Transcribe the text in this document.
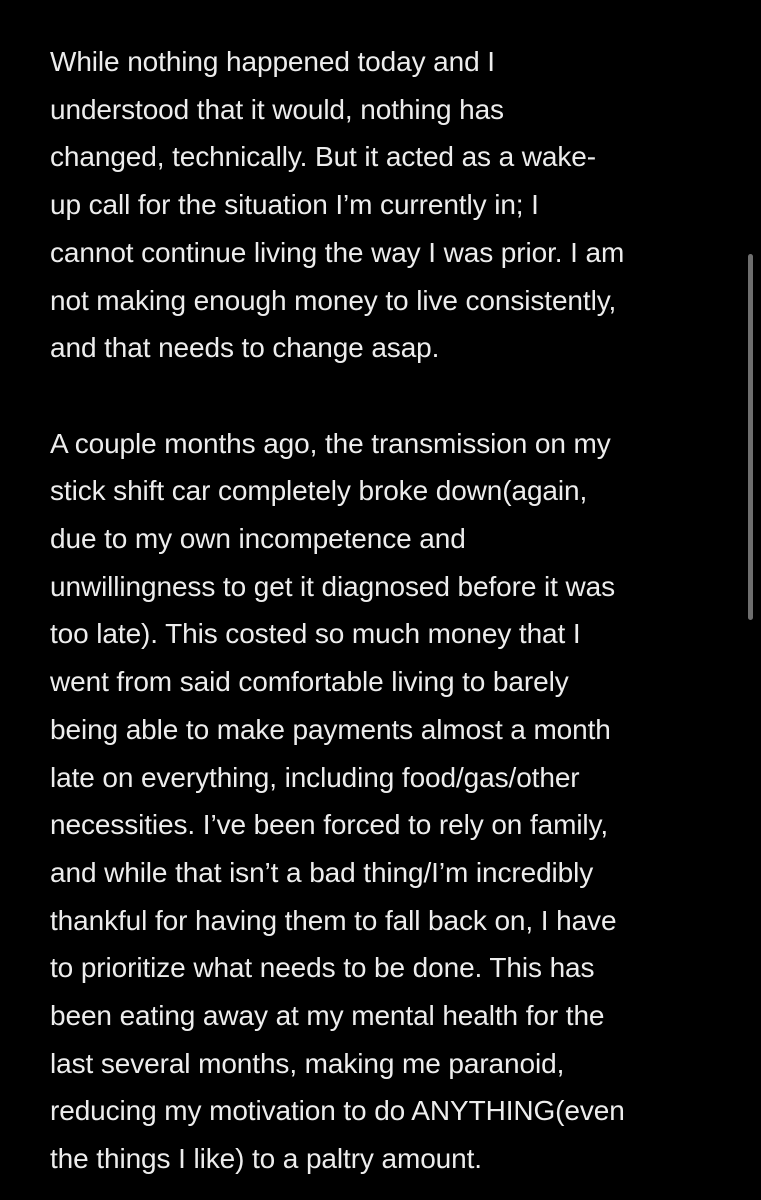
While nothing happened today and I
understood that it would, nothing has
changed, technically. But it acted as a wake-
up call for the situation I’m currently in; I
cannot continue living the way I was prior. I am
not making enough money to live consistently,
and that needs to change asap.
A couple months ago, the transmission on my
stick shift car completely broke down(again,
due to my own incompetence and
unwillingness to get it diagnosed before it was
too late). This costed so much money that I
went from said comfortable living to barely
being able to make payments almost a month
late on everything, including food/gas/other
necessities. I’ve been forced to rely on family,
and while that isn’t a bad thing/I’m incredibly
thankful for having them to fall back on, I have
to prioritize what needs to be done. This has
been eating away at my mental health for the
last several months, making me paranoid,
reducing my motivation to do ANYTHING(even
the things I like) to a paltry amount.
